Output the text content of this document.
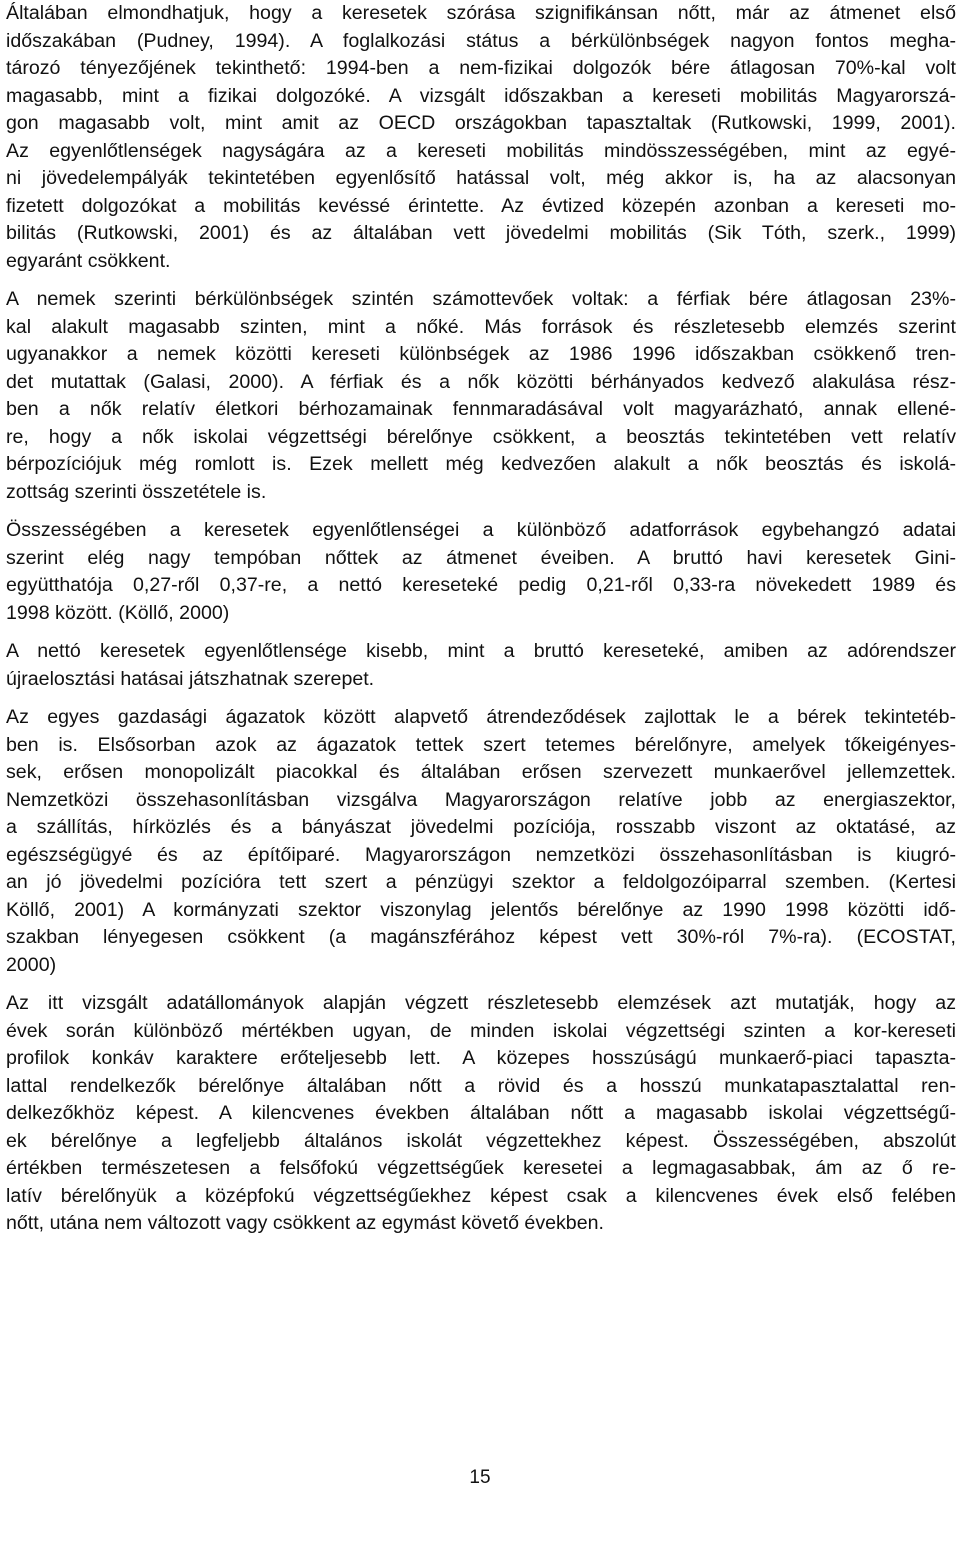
Általában elmondhatjuk, hogy a keresetek szórása szignifikánsan nőtt, már az átmenet első
időszakában (Pudney, 1994). A foglalkozási státus a bérkülönbségek nagyon fontos megha-
tározó tényezőjének tekinthető: 1994-ben a nem-fizikai dolgozók bére átlagosan 70%-kal volt
magasabb, mint a fizikai dolgozóké. A vizsgált időszakban a kereseti mobilitás Magyarorszá-
gon magasabb volt, mint amit az OECD országokban tapasztaltak (Rutkowski, 1999, 2001).
Az egyenlőtlenségek nagyságára az a kereseti mobilitás mindösszességében, mint az egyé-
ni jövedelempályák tekintetében egyenlősítő hatással volt, még akkor is, ha az alacsonyan
fizetett dolgozókat a mobilitás kevéssé érintette. Az évtized közepén azonban a kereseti mo-
bilitás (Rutkowski, 2001) és az általában vett jövedelmi mobilitás (Sik Tóth, szerk., 1999)
egyaránt csökkent.

A nemek szerinti bérkülönbségek szintén számottevőek voltak: a férfiak bére átlagosan 23%-
kal alakult magasabb szinten, mint a nőké. Más források és részletesebb elemzés szerint
ugyanakkor a nemek közötti kereseti különbségek az 1986 1996 időszakban csökkenő tren-
det mutattak (Galasi, 2000). A férfiak és a nők közötti bérhányados kedvező alakulása rész-
ben a nők relatív életkori bérhozamainak fennmaradásával volt magyarázható, annak ellené-
re, hogy a nők iskolai végzettségi bérelőnye csökkent, a beosztás tekintetében vett relatív
bérpozíciójuk még romlott is. Ezek mellett még kedvezően alakult a nők beosztás és iskolá-
zottság szerinti összetétele is.

Összességében a keresetek egyenlőtlenségei a különböző adatforrások egybehangzó adatai
szerint elég nagy tempóban nőttek az átmenet éveiben. A bruttó havi keresetek Gini-
együtthatója 0,27-ről 0,37-re, a nettó kereseteké pedig 0,21-ről 0,33-ra növekedett 1989 és
1998 között. (Köllő, 2000)

A nettó keresetek egyenlőtlensége kisebb, mint a bruttó kereseteké, amiben az adórendszer
újraelosztási hatásai játszhatnak szerepet.

Az egyes gazdasági ágazatok között alapvető átrendeződések zajlottak le a bérek tekintetéb-
ben is. Elsősorban azok az ágazatok tettek szert tetemes bérelőnyre, amelyek tőkeigényes-
sek, erősen monopolizált piacokkal és általában erősen szervezett munkaerővel jellemzettek.
Nemzetközi összehasonlításban vizsgálva Magyarországon relatíve jobb az energiaszektor,
a szállítás, hírközlés és a bányászat jövedelmi pozíciója, rosszabb viszont az oktatásé, az
egészségügyé és az építőiparé. Magyarországon nemzetközi összehasonlításban is kiugró-
an jó jövedelmi pozícióra tett szert a pénzügyi szektor a feldolgozóiparral szemben. (Kertesi
Köllő, 2001) A kormányzati szektor viszonylag jelentős bérelőnye az 1990 1998 közötti idő-
szakban lényegesen csökkent (a magánszférához képest vett 30%-ról 7%-ra). (ECOSTAT,
2000)

Az itt vizsgált adatállományok alapján végzett részletesebb elemzések azt mutatják, hogy az
évek során különböző mértékben ugyan, de minden iskolai végzettségi szinten a kor-kereseti
profilok konkáv karaktere erőteljesebb lett. A közepes hosszúságú munkaerő-piaci tapaszta-
lattal rendelkezők bérelőnye általában nőtt a rövid és a hosszú munkatapasztalattal ren-
delkezőkhöz képest. A kilencvenes években általában nőtt a magasabb iskolai végzettségű-
ek bérelőnye a legfeljebb általános iskolát végzettekhez képest. Összességében, abszolút
értékben természetesen a felsőfokú végzettségűek keresetei a legmagasabbak, ám az ő re-
latív bérelőnyük a középfokú végzettségűekhez képest csak a kilencvenes évek első felében
nőtt, utána nem változott vagy csökkent az egymást követő években.

15
